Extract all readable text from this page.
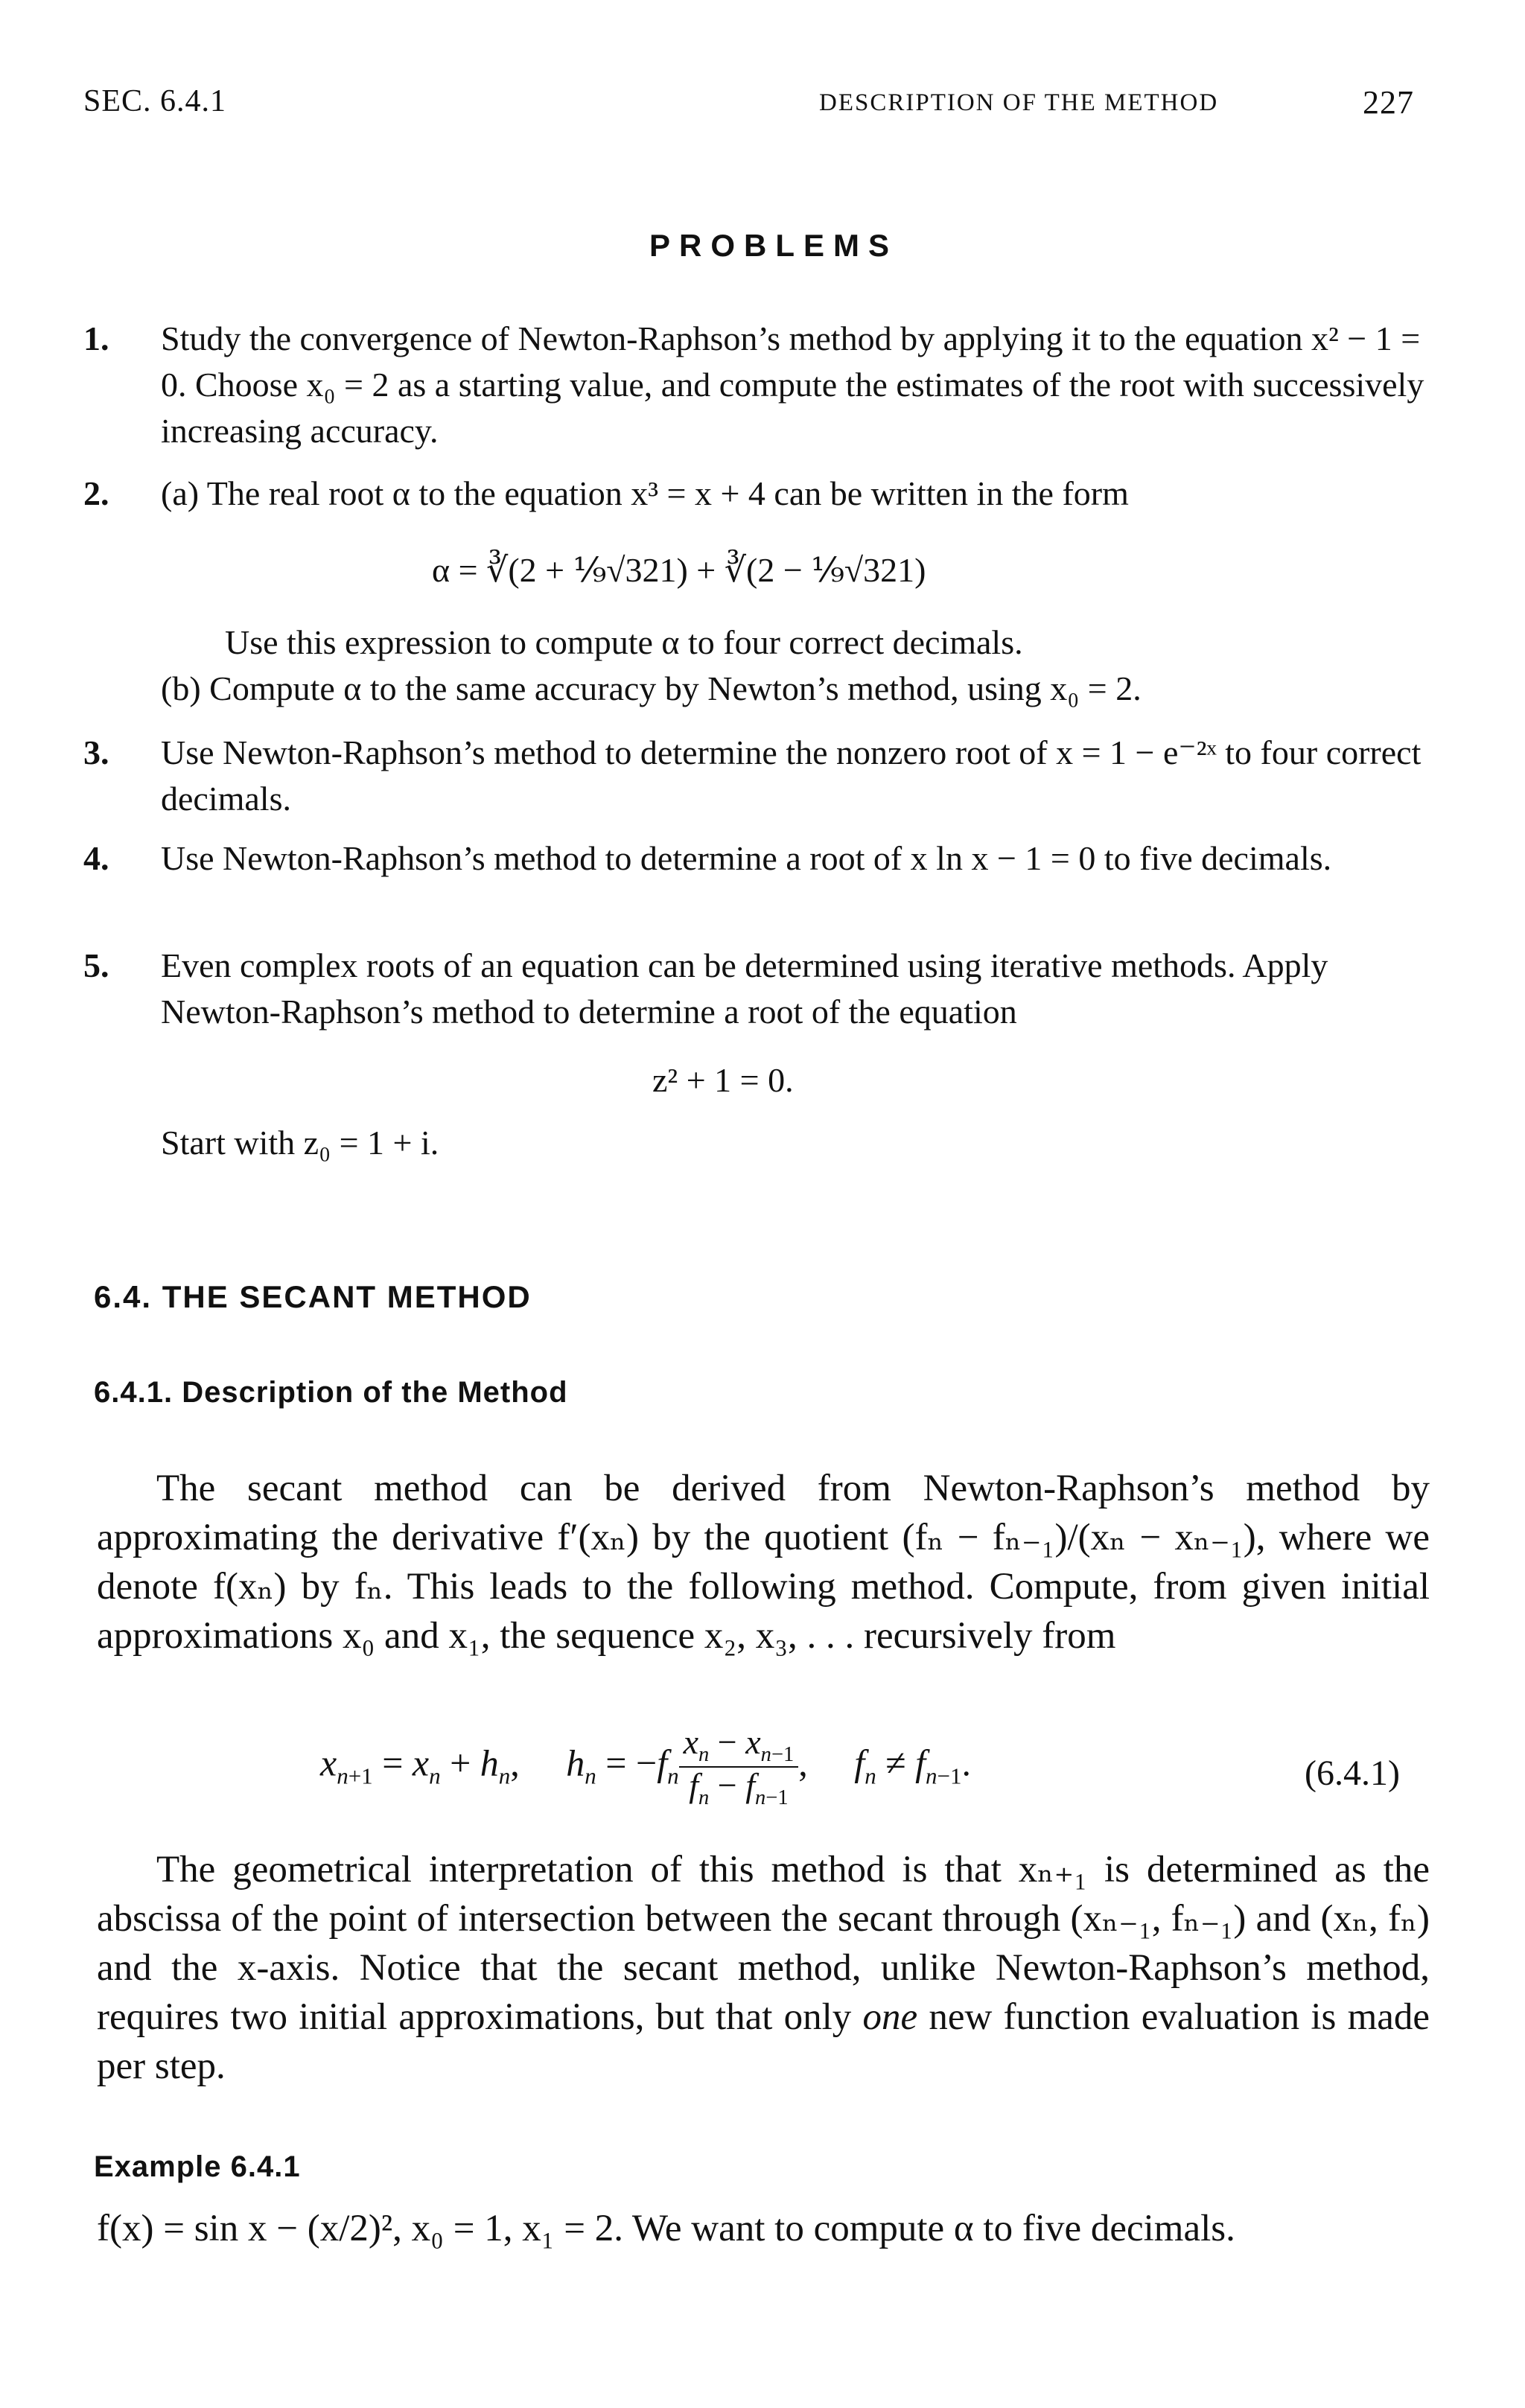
SEC. 6.4.1	DESCRIPTION OF THE METHOD	227
PROBLEMS
1. Study the convergence of Newton-Raphson’s method by applying it to the equation x² − 1 = 0. Choose x₀ = 2 as a starting value, and compute the estimates of the root with successively increasing accuracy.
2. (a) The real root α to the equation x³ = x + 4 can be written in the form
α = ∛(2 + ⅑√321) + ∛(2 − ⅑√321)
Use this expression to compute α to four correct decimals.
(b) Compute α to the same accuracy by Newton’s method, using x₀ = 2.
3. Use Newton-Raphson’s method to determine the nonzero root of x = 1 − e⁻²ˣ to four correct decimals.
4. Use Newton-Raphson’s method to determine a root of x ln x − 1 = 0 to five decimals.
5. Even complex roots of an equation can be determined using iterative methods. Apply Newton-Raphson’s method to determine a root of the equation
z² + 1 = 0.
Start with z₀ = 1 + i.
6.4. THE SECANT METHOD
6.4.1. Description of the Method
The secant method can be derived from Newton-Raphson’s method by approximating the derivative f′(xₙ) by the quotient (fₙ − fₙ₋₁)/(xₙ − xₙ₋₁), where we denote f(xₙ) by fₙ. This leads to the following method. Compute, from given initial approximations x₀ and x₁, the sequence x₂, x₃, . . . recursively from
$x_{n+1} = x_n + h_n$,     $h_n = -f_n \frac{x_n - x_{n-1}}{f_n - f_{n-1}}$ ,     $f_n \ne f_{n-1}$.	(6.4.1)
The geometrical interpretation of this method is that xₙ₊₁ is determined as the abscissa of the point of intersection between the secant through (xₙ₋₁, fₙ₋₁) and (xₙ, fₙ) and the x-axis. Notice that the secant method, unlike Newton-Raphson’s method, requires two initial approximations, but that only one new function evaluation is made per step.
Example 6.4.1
f(x) = sin x − (x/2)², x₀ = 1, x₁ = 2. We want to compute α to five decimals.
